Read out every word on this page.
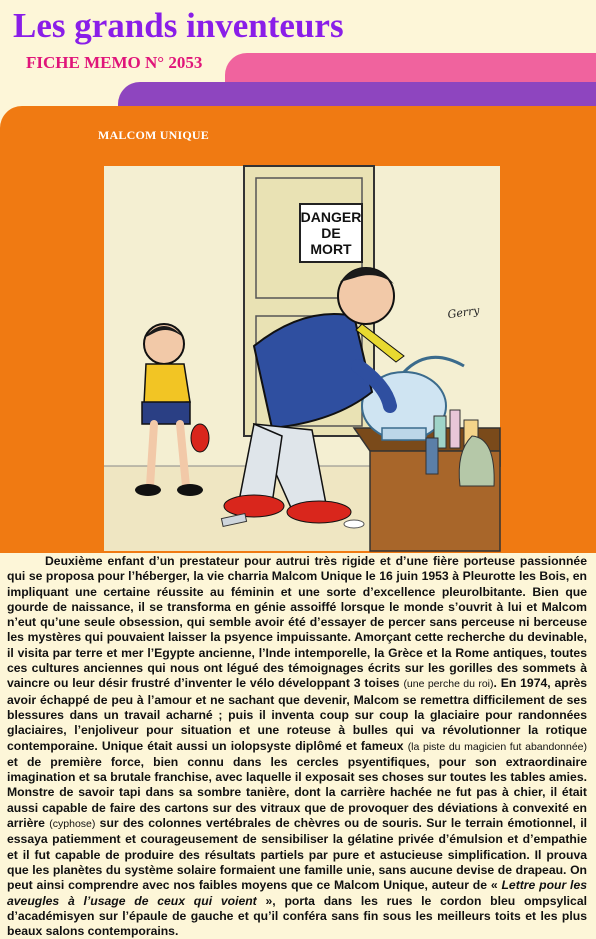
Les grands inventeurs
FICHE MEMO N° 2053
MALCOM UNIQUE
DANGER
DE
MORT
Gerry

Deuxième enfant d’un prestateur pour autrui très rigide et d’une fière porteuse passionnée qui se proposa pour l’héberger, la vie charria Malcom Unique le 16 juin 1953 à Pleurotte les Bois, en impliquant une certaine réussite au féminin et une sorte d’excellence pleurolbitante. Bien que gourde de naissance, il se transforma en génie assoiffé lorsque le monde s’ouvrit à lui et Malcom n’eut qu’une seule obsession, qui semble avoir été d’essayer de percer sans perceuse ni berceuse les mystères qui pouvaient laisser la psyence impuissante. Amorçant cette recherche du devinable, il visita par terre et mer l’Egypte ancienne, l’Inde intemporelle, la Grèce et la Rome antiques, toutes ces cultures anciennes qui nous ont légué des témoignages écrits sur les gorilles des sommets à vaincre ou leur désir frustré d’inventer le vélo développant 3 toises (une perche du roi). En 1974, après avoir échappé de peu à l’amour et ne sachant que devenir, Malcom se remettra difficilement de ses blessures dans un travail acharné ; puis il inventa coup sur coup la glaciaire pour randonnées glaciaires, l’enjoliveur pour situation et une roteuse à bulles qui va révolutionner la rotique contemporaine. Unique était aussi un iolopsyste diplômé et fameux (la piste du magicien fut abandonnée) et de première force, bien connu dans les cercles psyentifiques, pour son extraordinaire imagination et sa brutale franchise, avec laquelle il exposait ses choses sur toutes les tables amies. Monstre de savoir tapi dans sa sombre tanière, dont la carrière hachée ne fut pas à chier, il était aussi capable de faire des cartons sur des vitraux que de provoquer des déviations à convexité en arrière (cyphose) sur des colonnes vertébrales de chèvres ou de souris. Sur le terrain émotionnel, il essaya patiemment et courageusement de sensibiliser la gélatine privée d’émulsion et d’empathie et il fut capable de produire des résultats partiels par pure et astucieuse simplification. Il prouva que les planètes du système solaire formaient une famille unie, sans aucune devise de drapeau. On peut ainsi comprendre avec nos faibles moyens que ce Malcom Unique, auteur de « Lettre pour les aveugles à l’usage de ceux qui voient », porta dans les rues le cordon bleu ompsylical d’académisyen sur l’épaule de gauche et qu’il conféra sans fin sous les meilleurs toits et les plus beaux salons contemporains.
